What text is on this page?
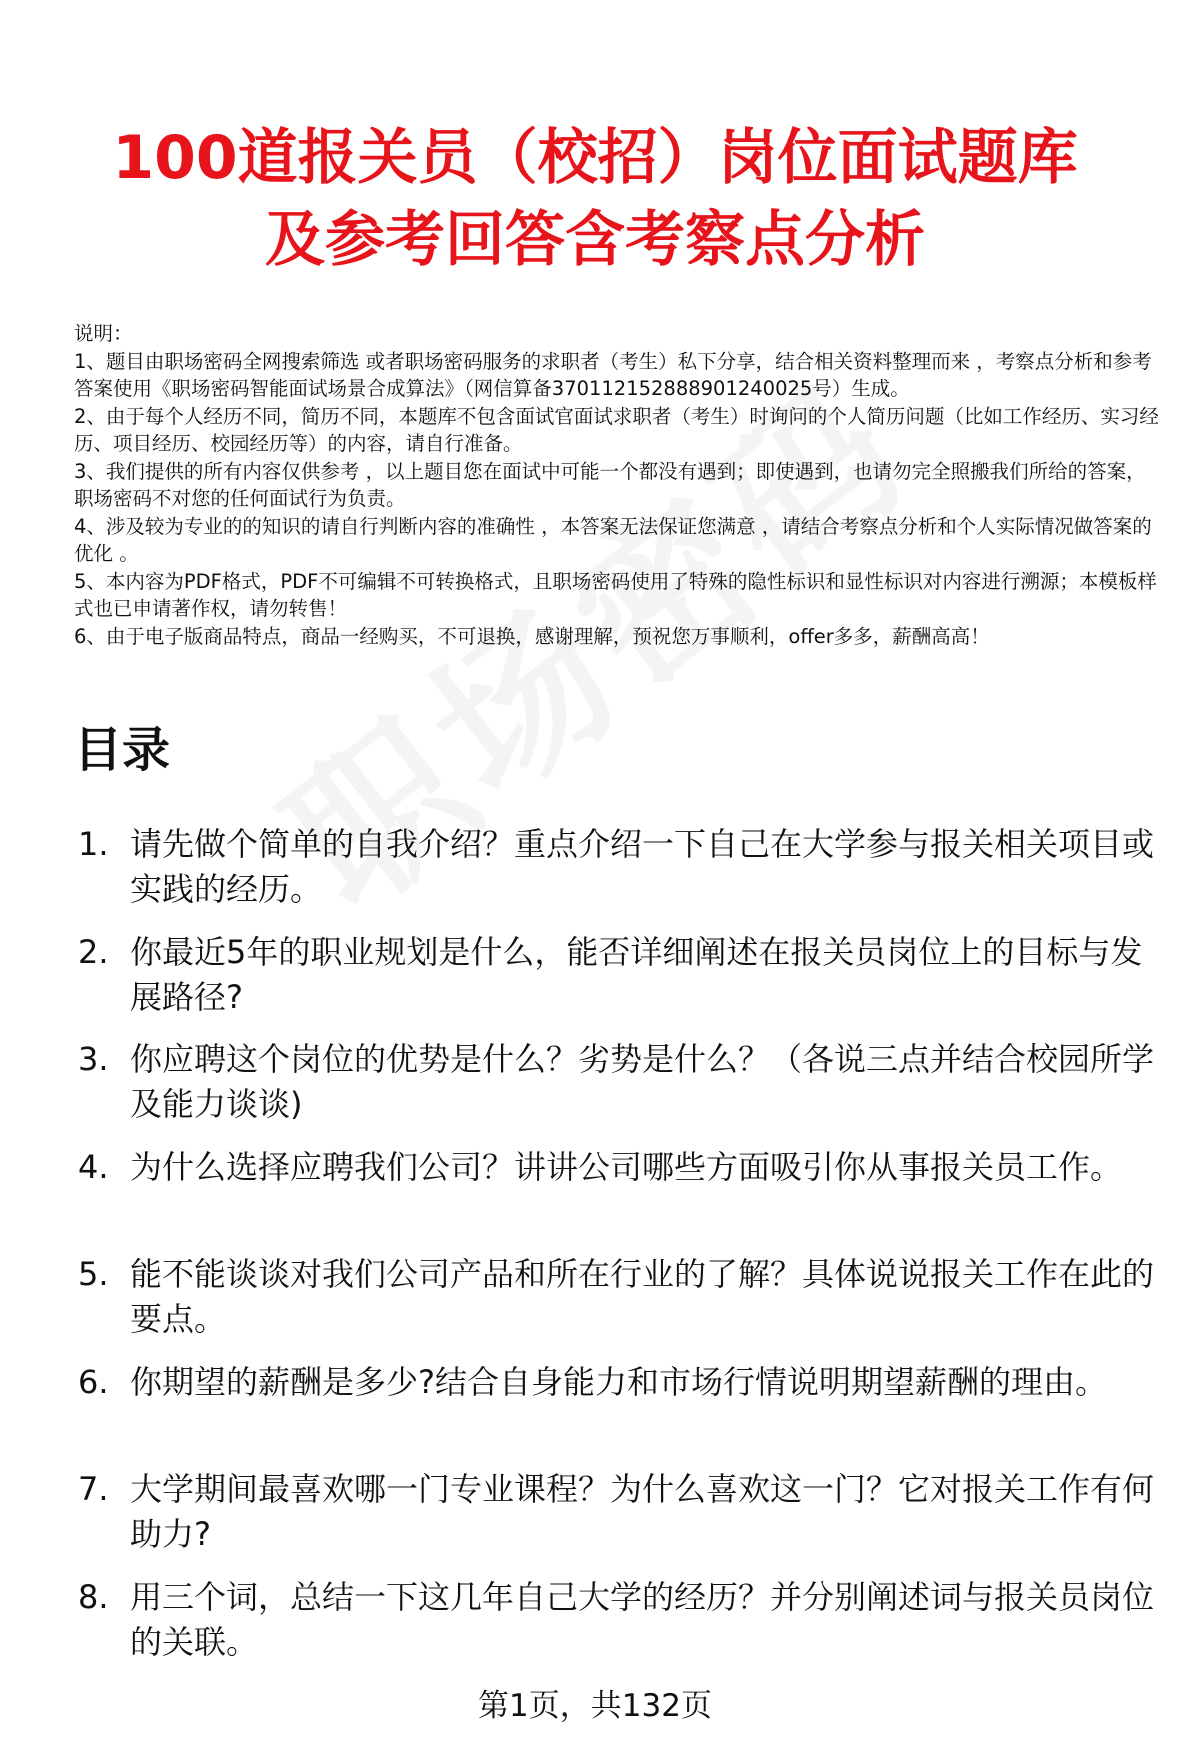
100道报关员（校招）岗位面试题库
及参考回答含考察点分析

说明：

1、题目由职场密码全网搜索筛选 或者职场密码服务的求职者（考生）私下分享，结合相关资料整理而来 ，考察点分析和参考答案使用《职场密码智能面试场景合成算法》（网信算备370112152888901240025号）生成。

2、由于每个人经历不同，简历不同，本题库不包含面试官面试求职者（考生）时询问的个人简历问题（比如工作经历、实习经历、项目经历、校园经历等）的内容，请自行准备。

3、我们提供的所有内容仅供参考 ，以上题目您在面试中可能一个都没有遇到；即使遇到，也请勿完全照搬我们所给的答案，职场密码不对您的任何面试行为负责。

4、涉及较为专业的的知识的请自行判断内容的准确性 ，本答案无法保证您满意 ，请结合考察点分析和个人实际情况做答案的优化 。

5、本内容为PDF格式，PDF不可编辑不可转换格式，且职场密码使用了特殊的隐性标识和显性标识对内容进行溯源；本模板样式也已申请著作权，请勿转售！

6、由于电子版商品特点，商品一经购买，不可退换，感谢理解，预祝您万事顺利，offer多多，薪酬高高！

目录
1. 请先做个简单的自我介绍？重点介绍一下自己在大学参与报关相关项目或实践的经历。
2. 你最近5年的职业规划是什么，能否详细阐述在报关员岗位上的目标与发展路径?
3. 你应聘这个岗位的优势是什么？劣势是什么？（各说三点并结合校园所学及能力谈谈)
4. 为什么选择应聘我们公司？讲讲公司哪些方面吸引你从事报关员工作。
5. 能不能谈谈对我们公司产品和所在行业的了解？具体说说报关工作在此的要点。
6. 你期望的薪酬是多少?结合自身能力和市场行情说明期望薪酬的理由。
7. 大学期间最喜欢哪一门专业课程？为什么喜欢这一门？它对报关工作有何助力?
8. 用三个词，总结一下这几年自己大学的经历？并分别阐述词与报关员岗位的关联。
第1页，共132页
